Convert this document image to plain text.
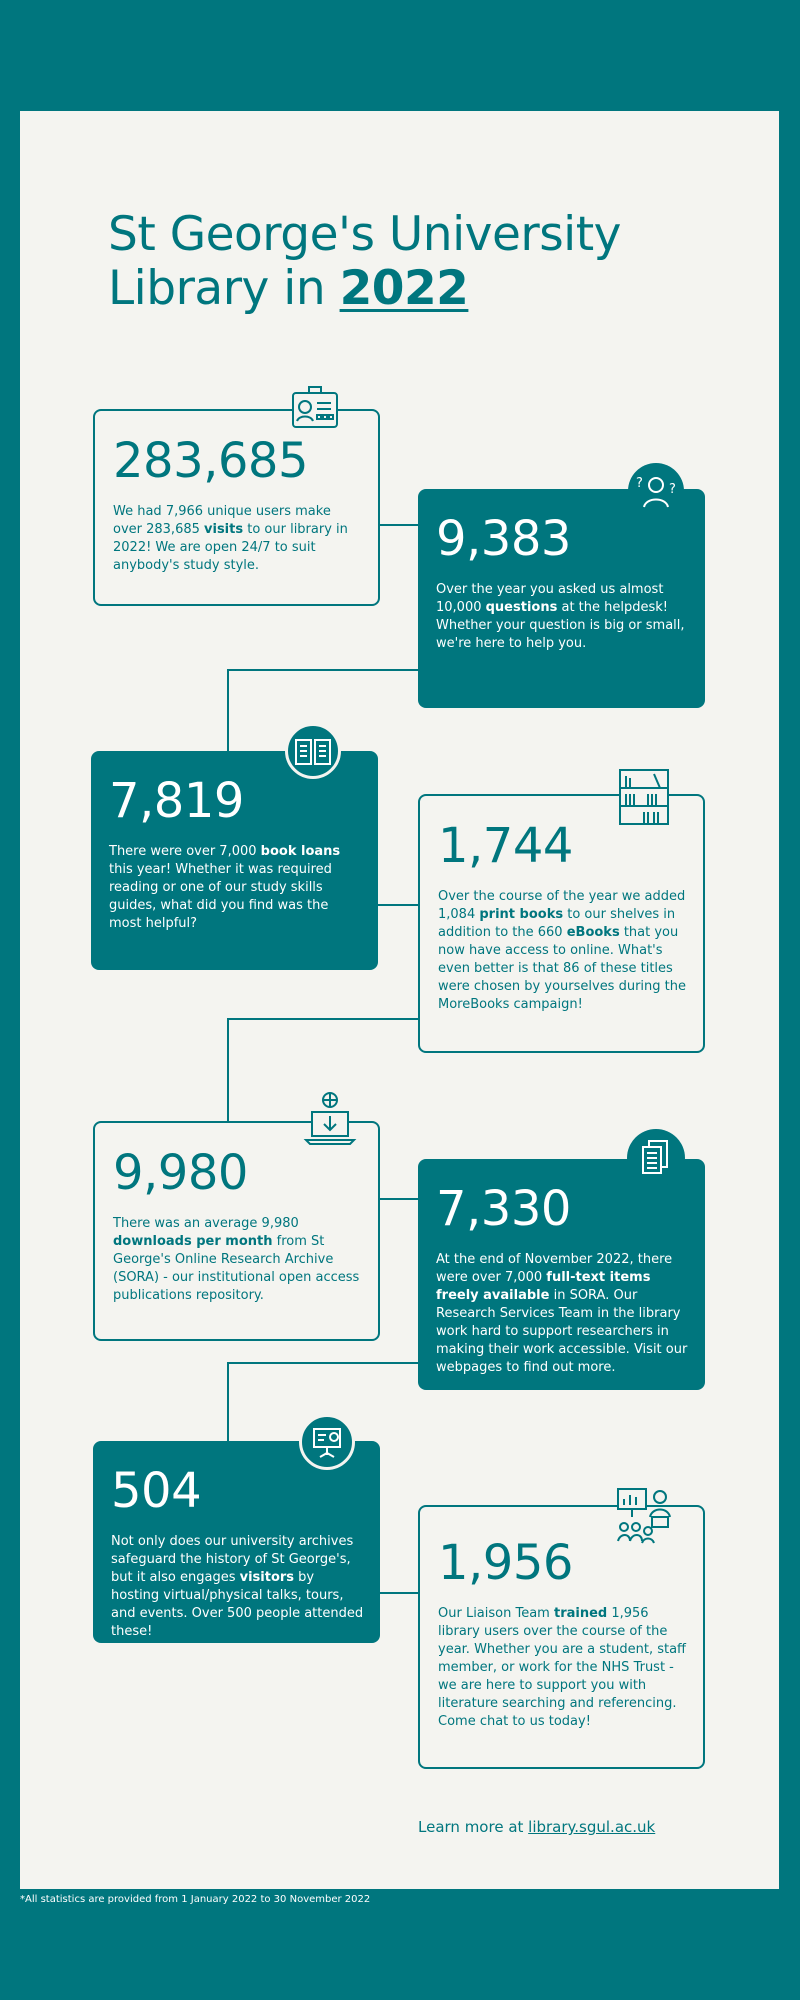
St George's University
Library in 2022
283,685
We had 7,966 unique users make over 283,685 visits to our library in 2022! We are open 24/7 to suit anybody's study style.	9,383
Over the year you asked us almost 10,000 questions at the helpdesk! Whether your question is big or small, we're here to help you.
7,819
There were over 7,000 book loans this year! Whether it was required reading or one of our study skills guides, what did you find was the most helpful?
1,744
Over the course of the year we added 1,084 print books to our shelves in addition to the 660 eBooks that you now have access to online. What's even better is that 86 of these titles were chosen by yourselves during the MoreBooks campaign!
9,980
There was an average 9,980 downloads per month from St George's Online Research Archive (SORA) - our institutional open access publications repository.
7,330
At the end of November 2022, there were over 7,000 full-text items freely available in SORA. Our Research Services Team in the library work hard to support researchers in making their work accessible. Visit our webpages to find out more.
504
Not only does our university archives safeguard the history of St George's, but it also engages visitors by hosting virtual/physical talks, tours, and events. Over 500 people attended these!
1,956
Our Liaison Team trained 1,956 library users over the course of the year. Whether you are a student, staff member, or work for the NHS Trust - we are here to support you with literature searching and referencing. Come chat to us today!
? ?
Learn more at library.sgul.ac.uk
*All statistics are provided from 1 January 2022 to 30 November 2022
